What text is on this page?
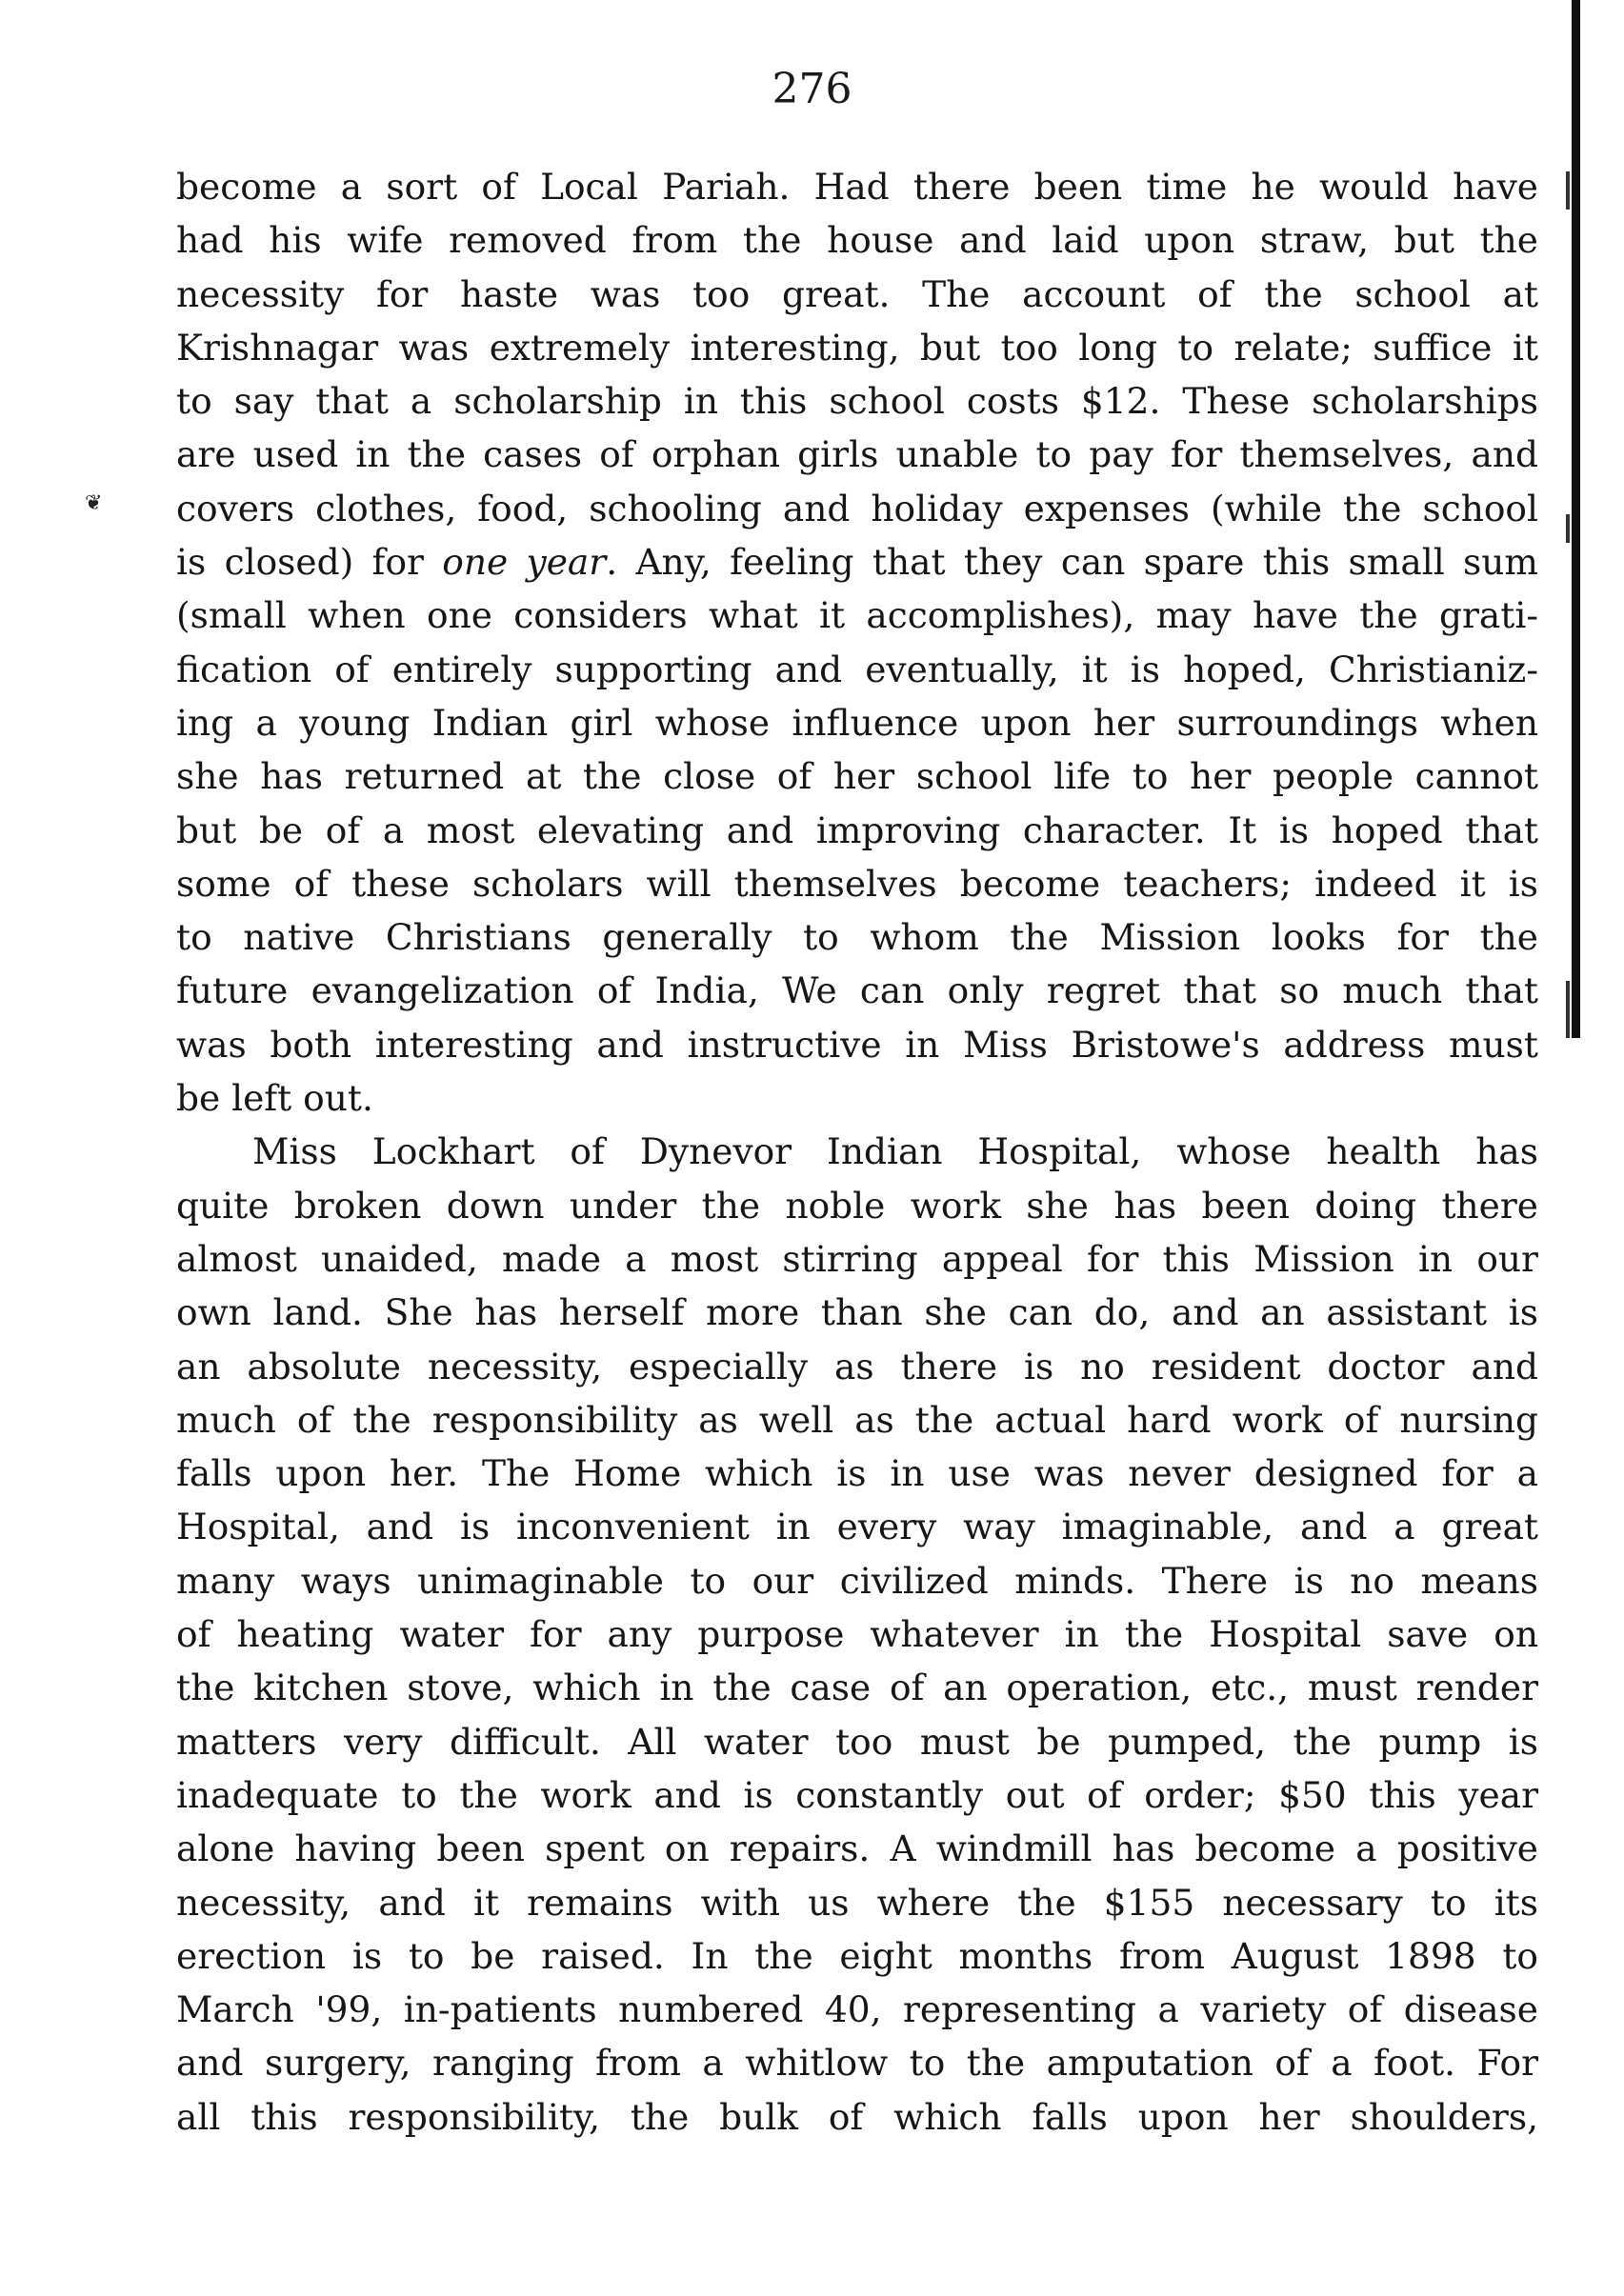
❦
276
become a sort of Local Pariah. Had there been time he would have
had his wife removed from the house and laid upon straw, but the
necessity for haste was too great. The account of the school at
Krishnagar was extremely interesting, but too long to relate; suffice it
to say that a scholarship in this school costs $12. These scholarships
are used in the cases of orphan girls unable to pay for themselves, and
covers clothes, food, schooling and holiday expenses (while the school
is closed) for one year. Any, feeling that they can spare this small sum
(small when one considers what it accomplishes), may have the grati-
fication of entirely supporting and eventually, it is hoped, Christianiz-
ing a young Indian girl whose influence upon her surroundings when
she has returned at the close of her school life to her people cannot
but be of a most elevating and improving character. It is hoped that
some of these scholars will themselves become teachers; indeed it is
to native Christians generally to whom the Mission looks for the
future evangelization of India, We can only regret that so much that
was both interesting and instructive in Miss Bristowe's address must
be left out.
Miss Lockhart of Dynevor Indian Hospital, whose health has
quite broken down under the noble work she has been doing there
almost unaided, made a most stirring appeal for this Mission in our
own land. She has herself more than she can do, and an assistant is
an absolute necessity, especially as there is no resident doctor and
much of the responsibility as well as the actual hard work of nursing
falls upon her. The Home which is in use was never designed for a
Hospital, and is inconvenient in every way imaginable, and a great
many ways unimaginable to our civilized minds. There is no means
of heating water for any purpose whatever in the Hospital save on
the kitchen stove, which in the case of an operation, etc., must render
matters very difficult. All water too must be pumped, the pump is
inadequate to the work and is constantly out of order; $50 this year
alone having been spent on repairs. A windmill has become a positive
necessity, and it remains with us where the $155 necessary to its
erection is to be raised. In the eight months from August 1898 to
March '99, in-patients numbered 40, representing a variety of disease
and surgery, ranging from a whitlow to the amputation of a foot. For
all this responsibility, the bulk of which falls upon her shoulders,
